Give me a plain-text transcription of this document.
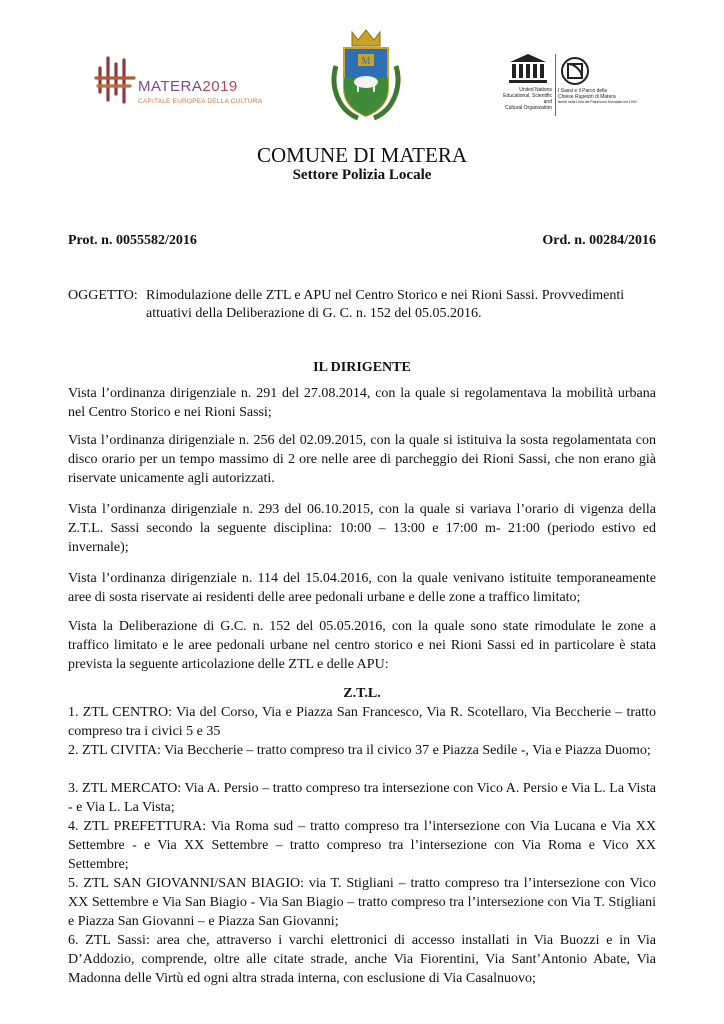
MATERA2019
CAPITALE EUROPEA DELLA CULTURA
M
United Nations
Educational, Scientific and
Cultural Organization
I Sassi e il Parco delle
Chiese Rupestri di Matera
iscritti nella Lista del Patrimonio Mondiale nel 1993
COMUNE DI MATERA
Settore Polizia Locale
Prot. n. 0055582/2016	Ord. n. 00284/2016
OGGETTO: Rimodulazione delle ZTL e APU nel Centro Storico e nei Rioni Sassi. Provvedimenti
attuativi della Deliberazione di G. C. n. 152 del 05.05.2016.
IL DIRIGENTE

Vista l’ordinanza dirigenziale n. 291 del 27.08.2014, con la quale si regolamentava la mobilità urbana nel Centro Storico e nei Rioni Sassi;

Vista l’ordinanza dirigenziale n. 256 del 02.09.2015, con la quale si istituiva la sosta regolamentata con disco orario per un tempo massimo di 2 ore nelle aree di parcheggio dei Rioni Sassi, che non erano già riservate unicamente agli autorizzati.

Vista l’ordinanza dirigenziale n. 293 del 06.10.2015, con la quale si variava l’orario di vigenza della Z.T.L. Sassi secondo la seguente disciplina: 10:00 – 13:00 e 17:00 m- 21:00 (periodo estivo ed invernale);

Vista l’ordinanza dirigenziale n. 114 del 15.04.2016, con la quale venivano istituite temporaneamente aree di sosta riservate ai residenti delle aree pedonali urbane e delle zone a traffico limitato;

Vista la Deliberazione di G.C. n. 152 del 05.05.2016, con la quale sono state rimodulate le zone a traffico limitato e le aree pedonali urbane nel centro storico e nei Rioni Sassi ed in particolare è stata prevista la seguente articolazione delle ZTL e delle APU:

Z.T.L.

1. ZTL CENTRO: Via del Corso, Via e Piazza San Francesco, Via R. Scotellaro, Via Beccherie – tratto compreso tra i civici 5 e 35

2. ZTL CIVITA: Via Beccherie – tratto compreso tra il civico 37 e Piazza Sedile -, Via e Piazza Duomo;

3. ZTL MERCATO: Via A. Persio – tratto compreso tra intersezione con Vico A. Persio e Via L. La Vista - e Via L. La Vista;

4. ZTL PREFETTURA: Via Roma sud – tratto compreso tra l’intersezione con Via Lucana e Via XX Settembre - e Via XX Settembre – tratto compreso tra l’intersezione con Via Roma e Vico XX Settembre;

5. ZTL SAN GIOVANNI/SAN BIAGIO: via T. Stigliani – tratto compreso tra l’intersezione con Vico XX Settembre e Via San Biagio - Via San Biagio – tratto compreso tra l’intersezione con Via T. Stigliani e Piazza San Giovanni – e Piazza San Giovanni;

6. ZTL Sassi: area che, attraverso i varchi elettronici di accesso installati in Via Buozzi e in Via D’Addozio, comprende, oltre alle citate strade, anche Via Fiorentini, Via Sant’Antonio Abate, Via Madonna delle Virtù ed ogni altra strada interna, con esclusione di Via Casalnuovo;
